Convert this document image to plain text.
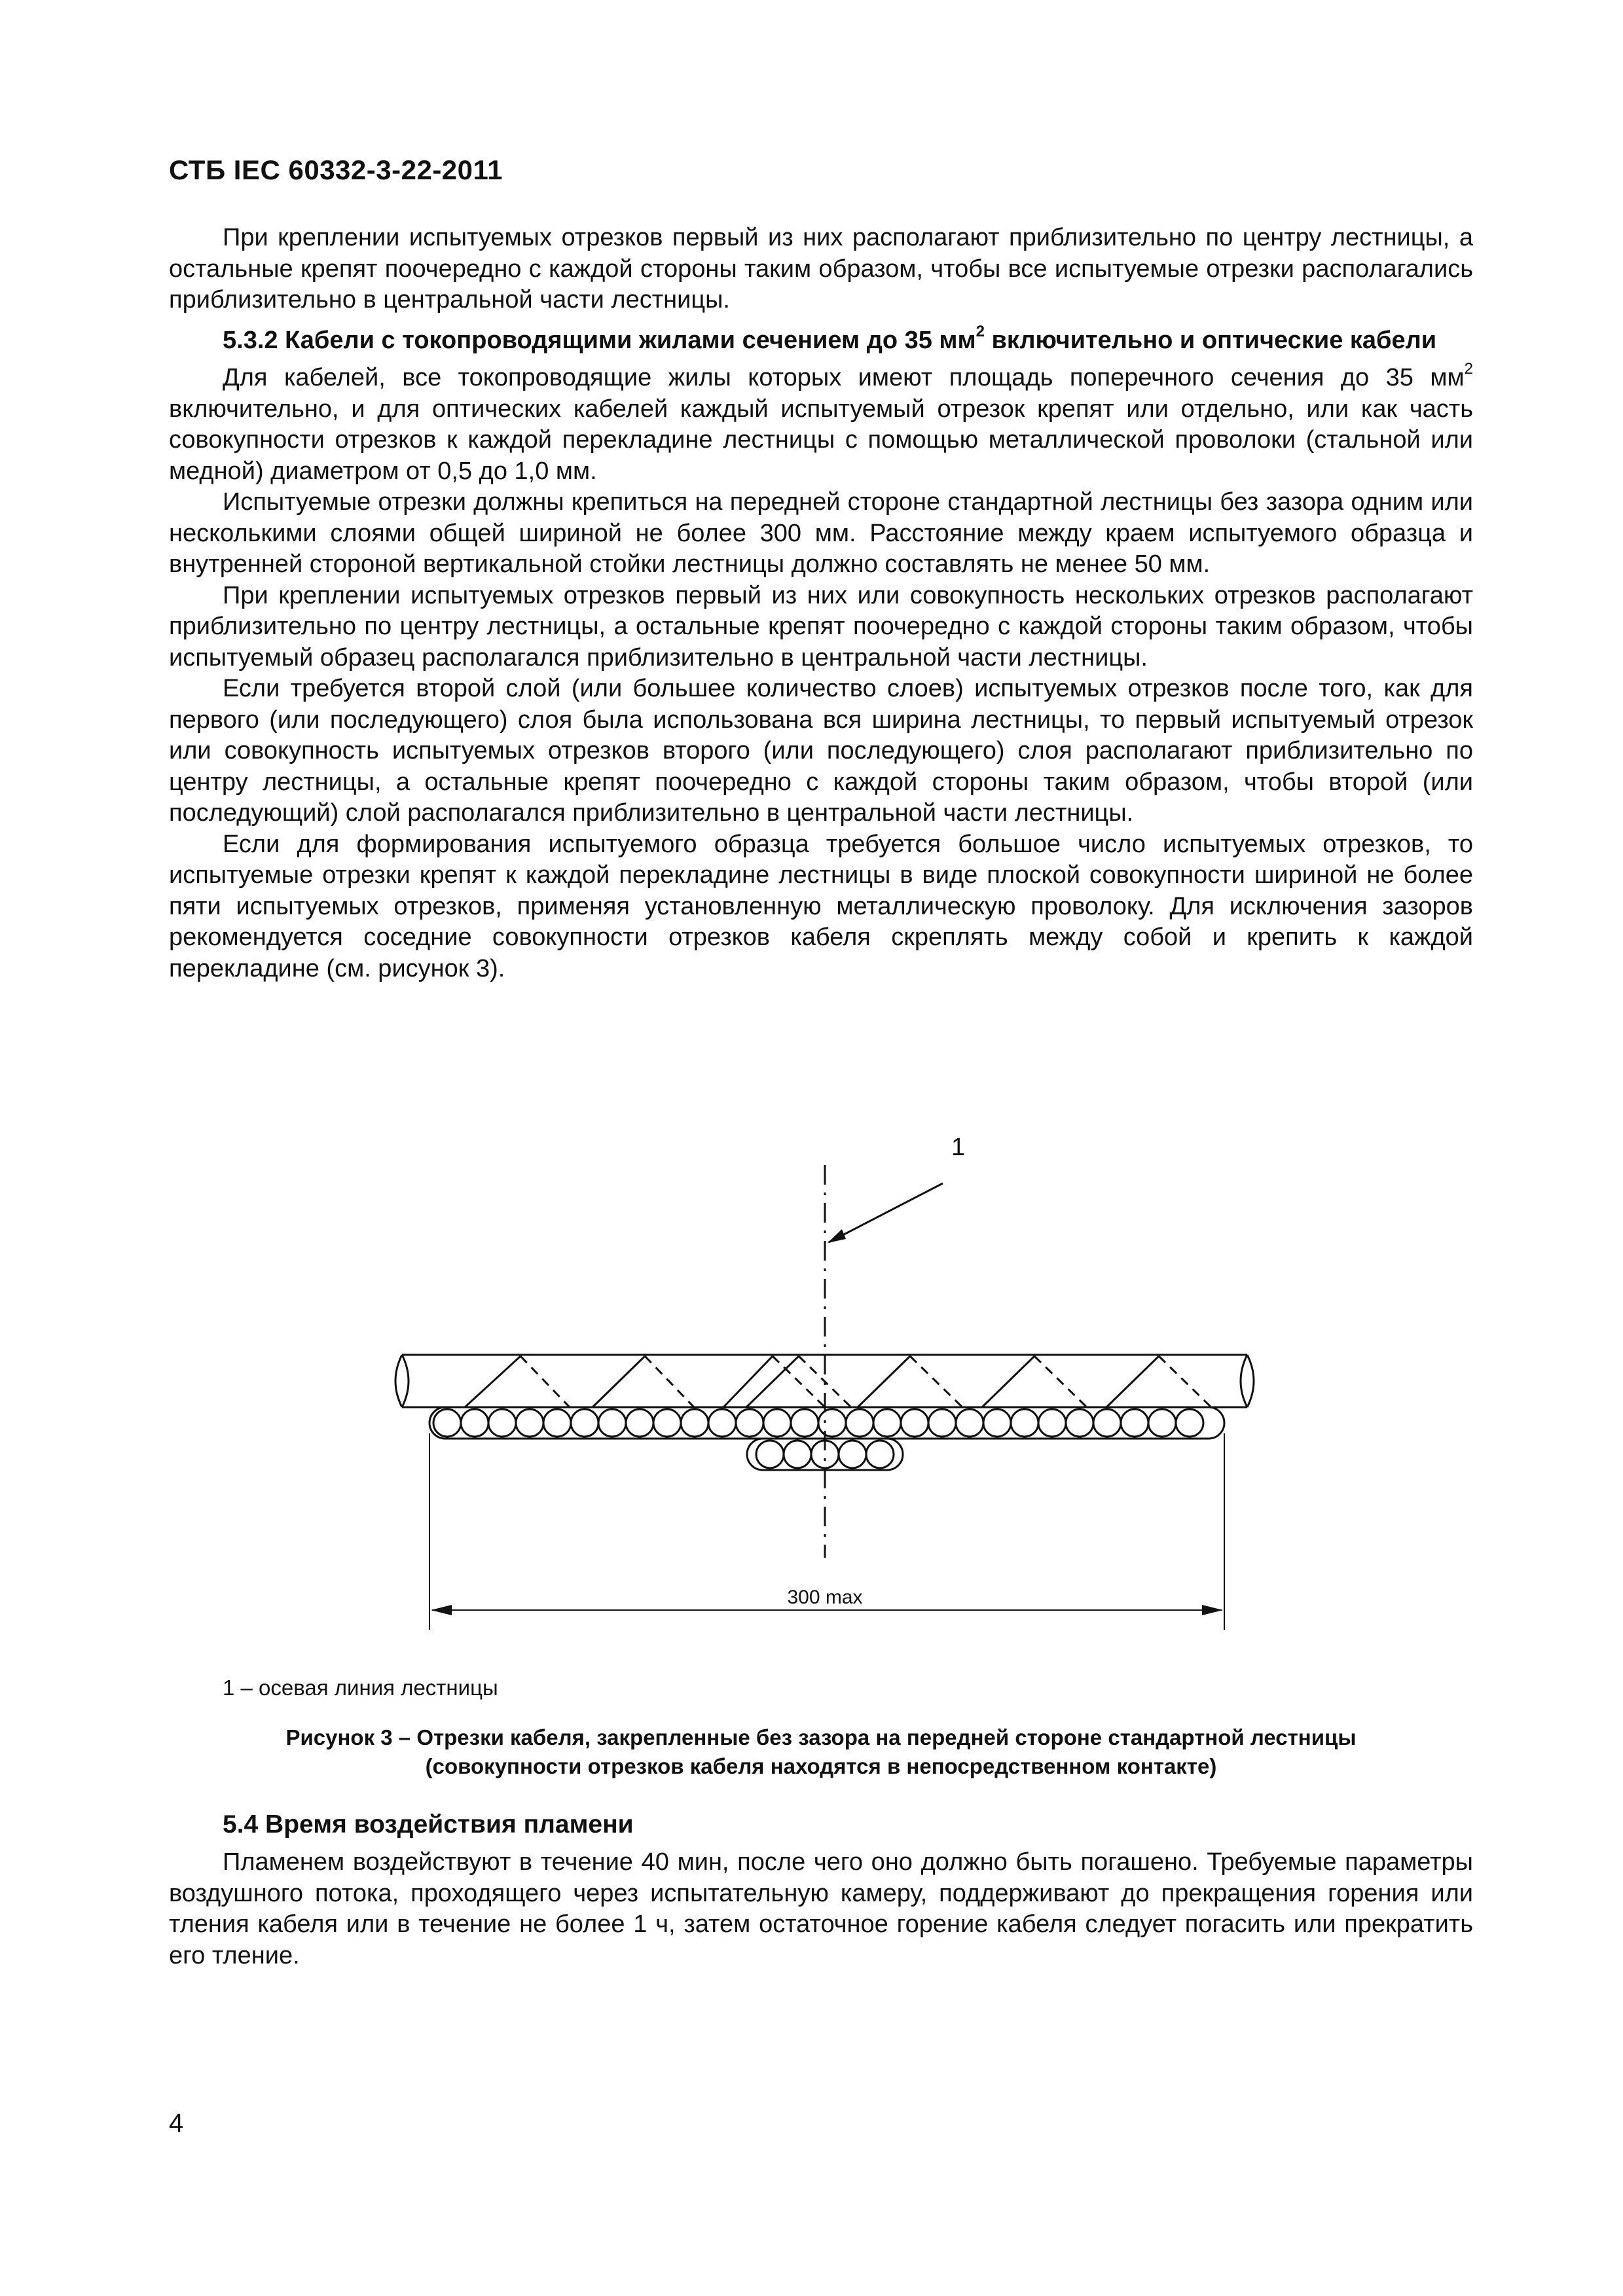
СТБ IEC 60332-3-22-2011

При креплении испытуемых отрезков первый из них располагают приблизительно по центру лестницы, а остальные крепят поочередно с каждой стороны таким образом, чтобы все испытуемые отрезки располагались приблизительно в центральной части лестницы.

5.3.2 Кабели с токопроводящими жилами сечением до 35 $мм^2$ включительно и оптические кабели

Для кабелей, все токопроводящие жилы которых имеют площадь поперечного сечения до 35 $мм^2$ включительно, и для оптических кабелей каждый испытуемый отрезок крепят или отдельно, или как часть совокупности отрезков к каждой перекладине лестницы с помощью металлической проволоки (стальной или медной) диаметром от 0,5 до 1,0 мм.

Испытуемые отрезки должны крепиться на передней стороне стандартной лестницы без зазора одним или несколькими слоями общей шириной не более 300 мм. Расстояние между краем испытуемого образца и внутренней стороной вертикальной стойки лестницы должно составлять не менее 50 мм.

При креплении испытуемых отрезков первый из них или совокупность нескольких отрезков располагают приблизительно по центру лестницы, а остальные крепят поочередно с каждой стороны таким образом, чтобы испытуемый образец располагался приблизительно в центральной части лестницы.

Если требуется второй слой (или большее количество слоев) испытуемых отрезков после того, как для первого (или последующего) слоя была использована вся ширина лестницы, то первый испытуемый отрезок или совокупность испытуемых отрезков второго (или последующего) слоя располагают приблизительно по центру лестницы, а остальные крепят поочередно с каждой стороны таким образом, чтобы второй (или последующий) слой располагался приблизительно в центральной части лестницы.

Если для формирования испытуемого образца требуется большое число испытуемых отрезков, то испытуемые отрезки крепят к каждой перекладине лестницы в виде плоской совокупности шириной не более пяти испытуемых отрезков, применяя установленную металлическую проволоку. Для исключения зазоров рекомендуется соседние совокупности отрезков кабеля скреплять между собой и крепить к каждой перекладине (см. рисунок 3).

1
300 max
1 – осевая линия лестницы
Рисунок 3 – Отрезки кабеля, закрепленные без зазора на передней стороне стандартной лестницы
(совокупности отрезков кабеля находятся в непосредственном контакте)
5.4 Время воздействия пламени

Пламенем воздействуют в течение 40 мин, после чего оно должно быть погашено. Требуемые параметры воздушного потока, проходящего через испытательную камеру, поддерживают до прекращения горения или тления кабеля или в течение не более 1 ч, затем остаточное горение кабеля следует погасить или прекратить его тление.

4
